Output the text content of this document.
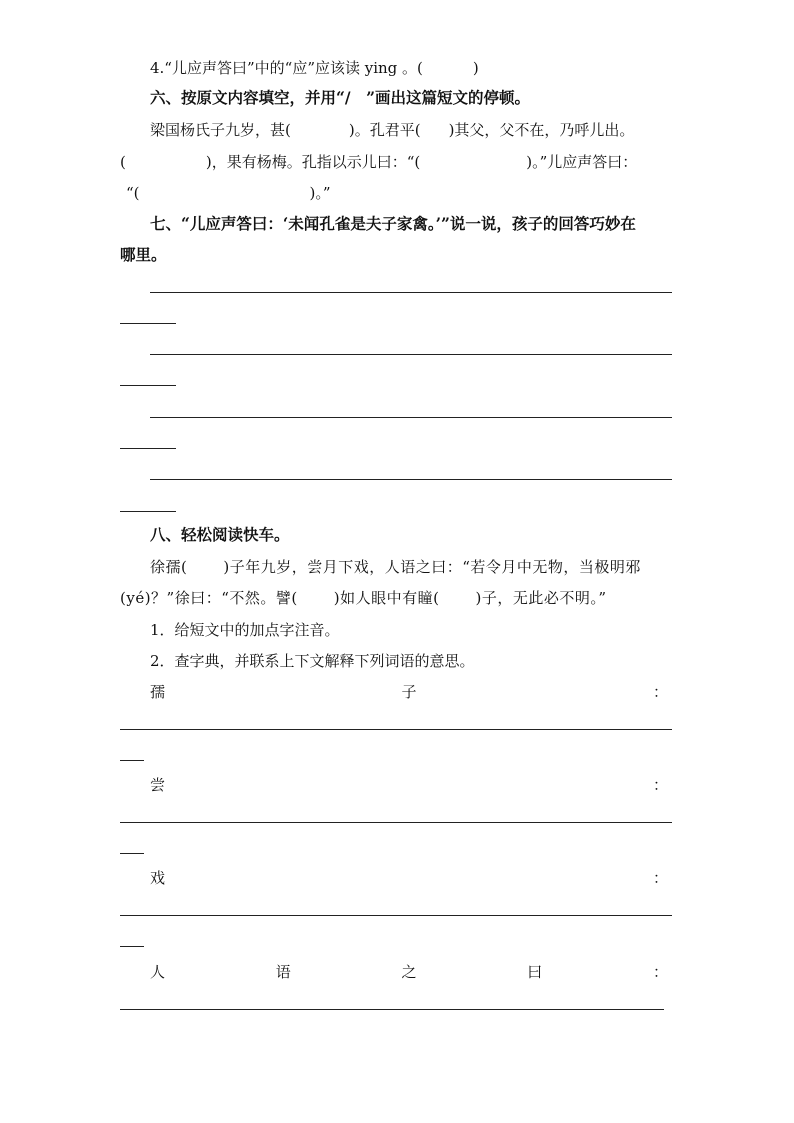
4.“儿应声答曰”中的“应”应该读 ying 。(	)
六、按原文内容填空，并用“/　”画出这篇短文的停顿。
梁国杨氏子九岁，甚(	)。孔君平( )其父，父不在，乃呼儿出。
(	)，果有杨梅。孔指以示儿曰：“(	)。”儿应声答曰：
“(	)。”
七、“儿应声答曰：‘未闻孔雀是夫子家禽。’”说一说，孩子的回答巧妙在
哪里。
八、轻松阅读快车。
徐孺( )子年九岁，尝月下戏，人语之曰：“若令月中无物，当极明邪
(yé)？”徐曰：“不然。譬( )如人眼中有瞳( )子，无此必不明。”
1．给短文中的加点字注音。
2．查字典，并联系上下文解释下列词语的意思。
孺	子	：
尝	：
戏	：
人	语	之	曰	：
